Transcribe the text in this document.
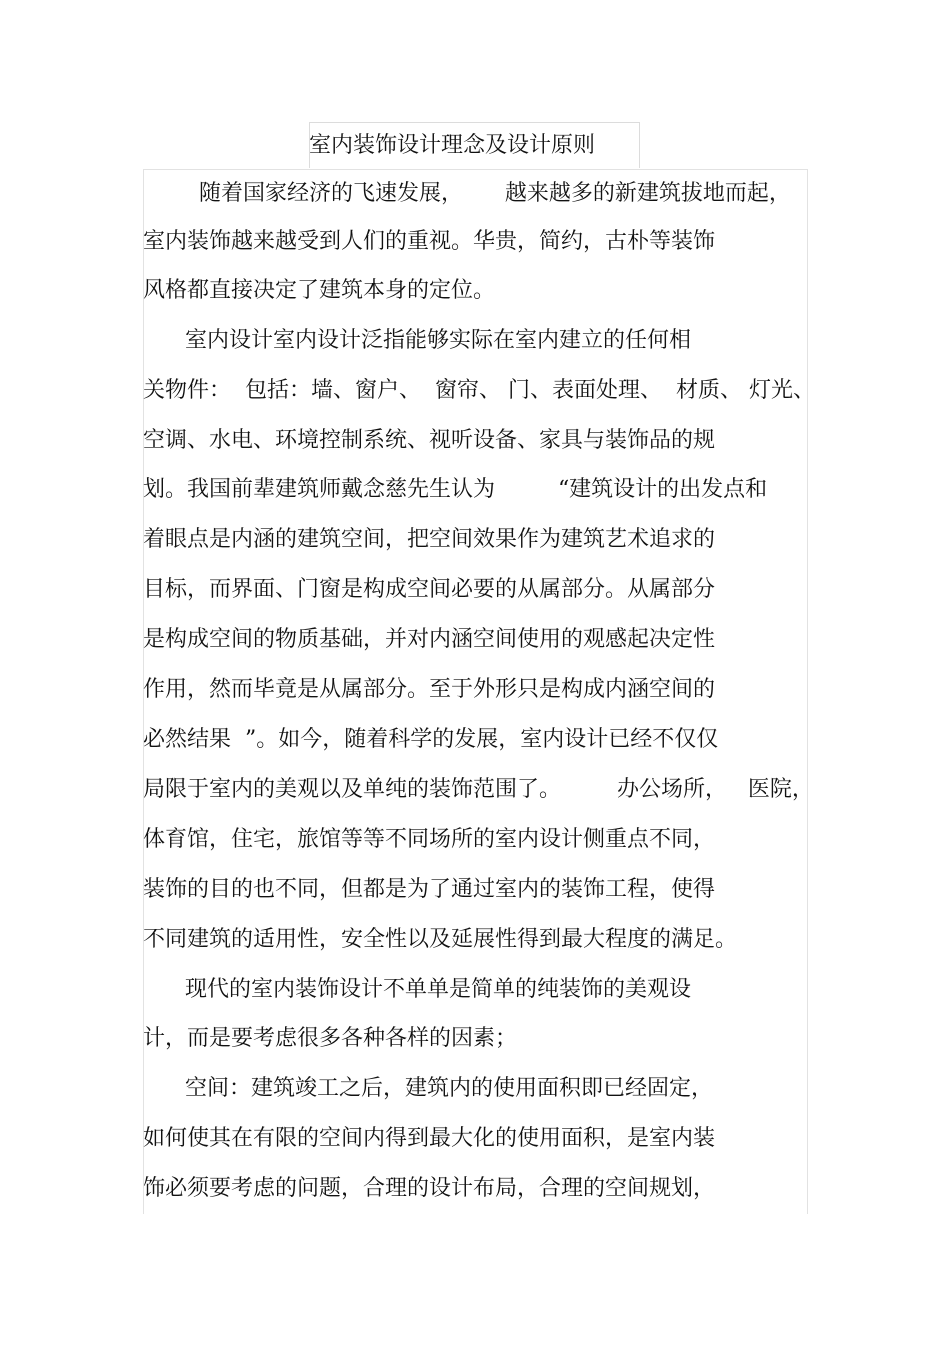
室内装饰设计理念及设计原则
随着国家经济的飞速发展，      越来越多的新建筑拔地而起，
室内装饰越来越受到人们的重视。华贵，简约，古朴等装饰
风格都直接决定了建筑本身的定位。
室内设计室内设计泛指能够实际在室内建立的任何相
关物件：  包括：墙、窗户、  窗帘、 门、表面处理、  材质、 灯光、
空调、水电、环境控制系统、视听设备、家具与装饰品的规
划。我国前辈建筑师戴念慈先生认为         “建筑设计的出发点和
着眼点是内涵的建筑空间，把空间效果作为建筑艺术追求的
目标，而界面、门窗是构成空间必要的从属部分。从属部分
是构成空间的物质基础，并对内涵空间使用的观感起决定性
作用，然而毕竟是从属部分。至于外形只是构成内涵空间的
必然结果  ”。如今，随着科学的发展，室内设计已经不仅仅
局限于室内的美观以及单纯的装饰范围了。        办公场所，   医院，
体育馆，住宅，旅馆等等不同场所的室内设计侧重点不同，
装饰的目的也不同，但都是为了通过室内的装饰工程，使得
不同建筑的适用性，安全性以及延展性得到最大程度的满足。
现代的室内装饰设计不单单是简单的纯装饰的美观设
计，而是要考虑很多各种各样的因素；
空间：建筑竣工之后，建筑内的使用面积即已经固定，
如何使其在有限的空间内得到最大化的使用面积，是室内装
饰必须要考虑的问题，合理的设计布局，合理的空间规划，
